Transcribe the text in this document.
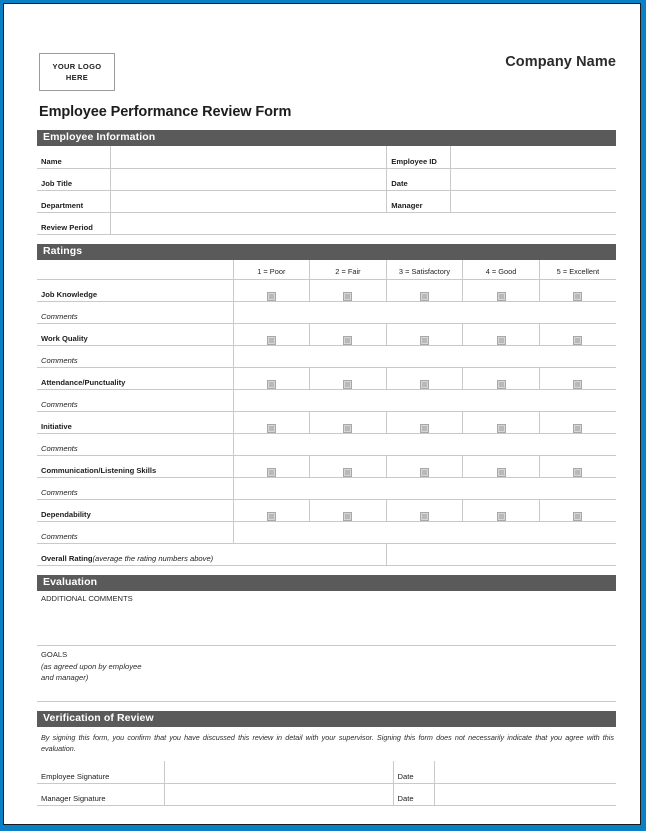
YOUR LOGO
HERE
Company Name
Employee Performance Review Form
Employee Information
Name		Employee ID	
Job Title		Date	
Department		Manager	
Review Period			
Ratings
	1 = Poor	2 = Fair	3 = Satisfactory	4 = Good	5 = Excellent
Job Knowledge					
Comments					
Work Quality					
Comments					
Attendance/Punctuality					
Comments					
Initiative					
Comments					
Communication/Listening Skills					
Comments					
Dependability					
Comments					
Overall Rating(average the rating numbers above)					
Evaluation
ADDITIONAL COMMENTS
GOALS
(as agreed upon by employee
and manager)
Verification of Review
By signing this form, you confirm that you have discussed this review in detail with your supervisor. Signing this form does not necessarily indicate that you agree with this evaluation.
Employee Signature		Date	
Manager Signature		Date	
